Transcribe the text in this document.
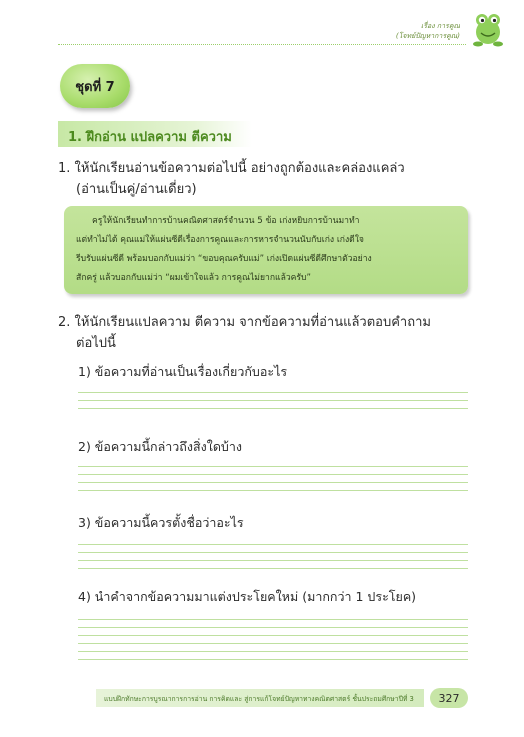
เรื่อง การคูณ
(โจทย์ปัญหาการคูณ)
ชุดที่ 7
1. ฝึกอ่าน แปลความ ตีความ
1. ให้นักเรียนอ่านข้อความต่อไปนี้ อย่างถูกต้องและคล่องแคล่ว
(อ่านเป็นคู่/อ่านเดี่ยว)
ครูให้นักเรียนทำการบ้านคณิตศาสตร์จำนวน 5 ข้อ เก่งหยิบการบ้านมาทำ
แต่ทำไม่ได้ คุณแม่ให้แผ่นซีดีเรื่องการคูณและการหารจำนวนนับกับเก่ง เก่งดีใจ
รีบรับแผ่นซีดี พร้อมบอกกับแม่ว่า “ขอบคุณครับแม่” เก่งเปิดแผ่นซีดีศึกษาตัวอย่าง
สักครู่ แล้วบอกกับแม่ว่า “ผมเข้าใจแล้ว การคูณไม่ยากแล้วครับ”
2. ให้นักเรียนแปลความ ตีความ จากข้อความที่อ่านแล้วตอบคำถาม
ต่อไปนี้
1) ข้อความที่อ่านเป็นเรื่องเกี่ยวกับอะไร
2) ข้อความนี้กล่าวถึงสิ่งใดบ้าง
3) ข้อความนี้ควรตั้งชื่อว่าอะไร
4) นำคำจากข้อความมาแต่งประโยคใหม่ (มากกว่า 1 ประโยค)
แบบฝึกทักษะการบูรณาการการอ่าน การคิดและ สู่การแก้โจทย์ปัญหาทางคณิตศาสตร์ ชั้นประถมศึกษาปีที่ 3	327
